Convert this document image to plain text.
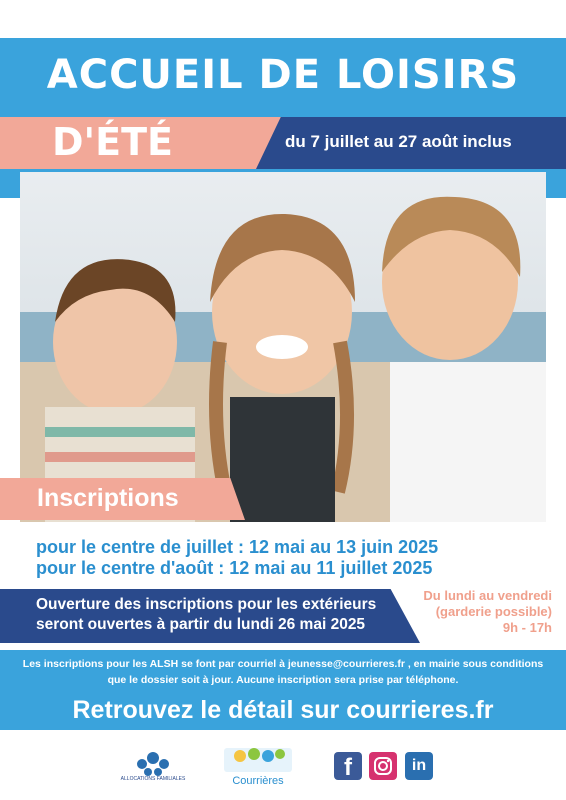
ACCUEIL DE LOISIRS
D'ÉTÉ	du 7 juillet au 27 août inclus
Inscriptions
pour le centre de juillet : 12 mai au 13 juin 2025
pour le centre d'août : 12 mai au 11 juillet 2025
Ouverture des inscriptions pour les extérieurs
seront ouvertes à partir du lundi 26 mai 2025
Du lundi au vendredi
(garderie possible)
9h - 17h
Les inscriptions pour les ALSH se font par courriel à jeunesse@courrieres.fr , en mairie sous conditions
que le dossier soit à jour. Aucune inscription sera prise par téléphone.
Retrouvez le détail sur courrieres.fr
ALLOCATIONS FAMILIALES	Courrières	f	in
